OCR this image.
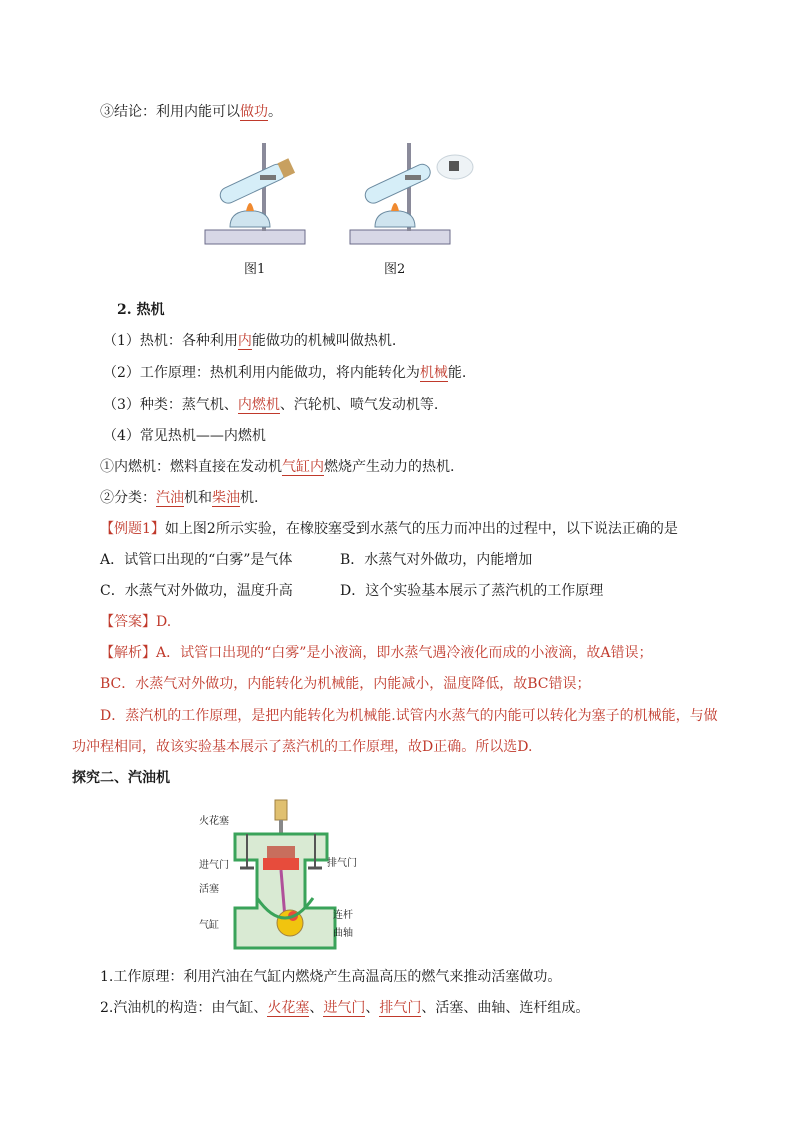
③结论：利用内能可以做功。
图1	图2
2. 热机
（1）热机：各种利用内能做功的机械叫做热机.
（2）工作原理：热机利用内能做功，将内能转化为机械能.
（3）种类：蒸气机、内燃机、汽轮机、喷气发动机等.
（4）常见热机——内燃机
①内燃机：燃料直接在发动机气缸内燃烧产生动力的热机.
②分类：汽油机和柴油机.
【例题1】如上图2所示实验，在橡胶塞受到水蒸气的压力而冲出的过程中，以下说法正确的是
A．试管口出现的“白雾”是气体	B．水蒸气对外做功，内能增加
C．水蒸气对外做功，温度升高	D．这个实验基本展示了蒸汽机的工作原理
【答案】D.
【解析】A．试管口出现的“白雾”是小液滴，即水蒸气遇冷液化而成的小液滴，故A错误；
BC．水蒸气对外做功，内能转化为机械能，内能减小，温度降低，故BC错误；
D．蒸汽机的工作原理，是把内能转化为机械能.试管内水蒸气的内能可以转化为塞子的机械能，与做
功冲程相同，故该实验基本展示了蒸汽机的工作原理，故D正确。所以选D.
探究二、汽油机
火花塞
进气门
活塞
气缸
排气门
连杆
曲轴
1.工作原理：利用汽油在气缸内燃烧产生高温高压的燃气来推动活塞做功。
2.汽油机的构造：由气缸、火花塞、进气门、排气门、活塞、曲轴、连杆组成。
